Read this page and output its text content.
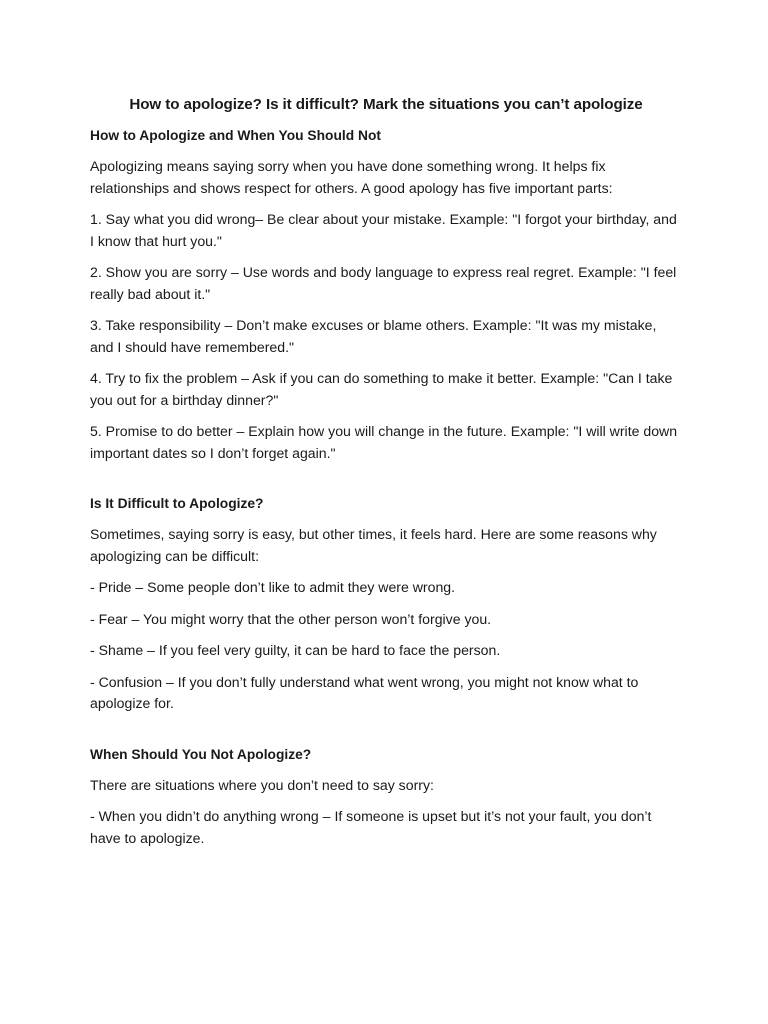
How to apologize? Is it difficult? Mark the situations you can’t apologize
How to Apologize and When You Should Not

Apologizing means saying sorry when you have done something wrong. It helps fix relationships and shows respect for others. A good apology has five important parts:

1. Say what you did wrong– Be clear about your mistake. Example: "I forgot your birthday, and I know that hurt you."

2. Show you are sorry – Use words and body language to express real regret. Example: "I feel really bad about it."

3. Take responsibility – Don’t make excuses or blame others. Example: "It was my mistake, and I should have remembered."

4. Try to fix the problem – Ask if you can do something to make it better. Example: "Can I take you out for a birthday dinner?"

5. Promise to do better – Explain how you will change in the future. Example: "I will write down important dates so I don’t forget again."

Is It Difficult to Apologize?

Sometimes, saying sorry is easy, but other times, it feels hard. Here are some reasons why apologizing can be difficult:

- Pride – Some people don’t like to admit they were wrong.

- Fear – You might worry that the other person won’t forgive you.

- Shame – If you feel very guilty, it can be hard to face the person.

- Confusion – If you don’t fully understand what went wrong, you might not know what to apologize for.

When Should You Not Apologize?

There are situations where you don’t need to say sorry:

- When you didn’t do anything wrong – If someone is upset but it’s not your fault, you don’t have to apologize.
